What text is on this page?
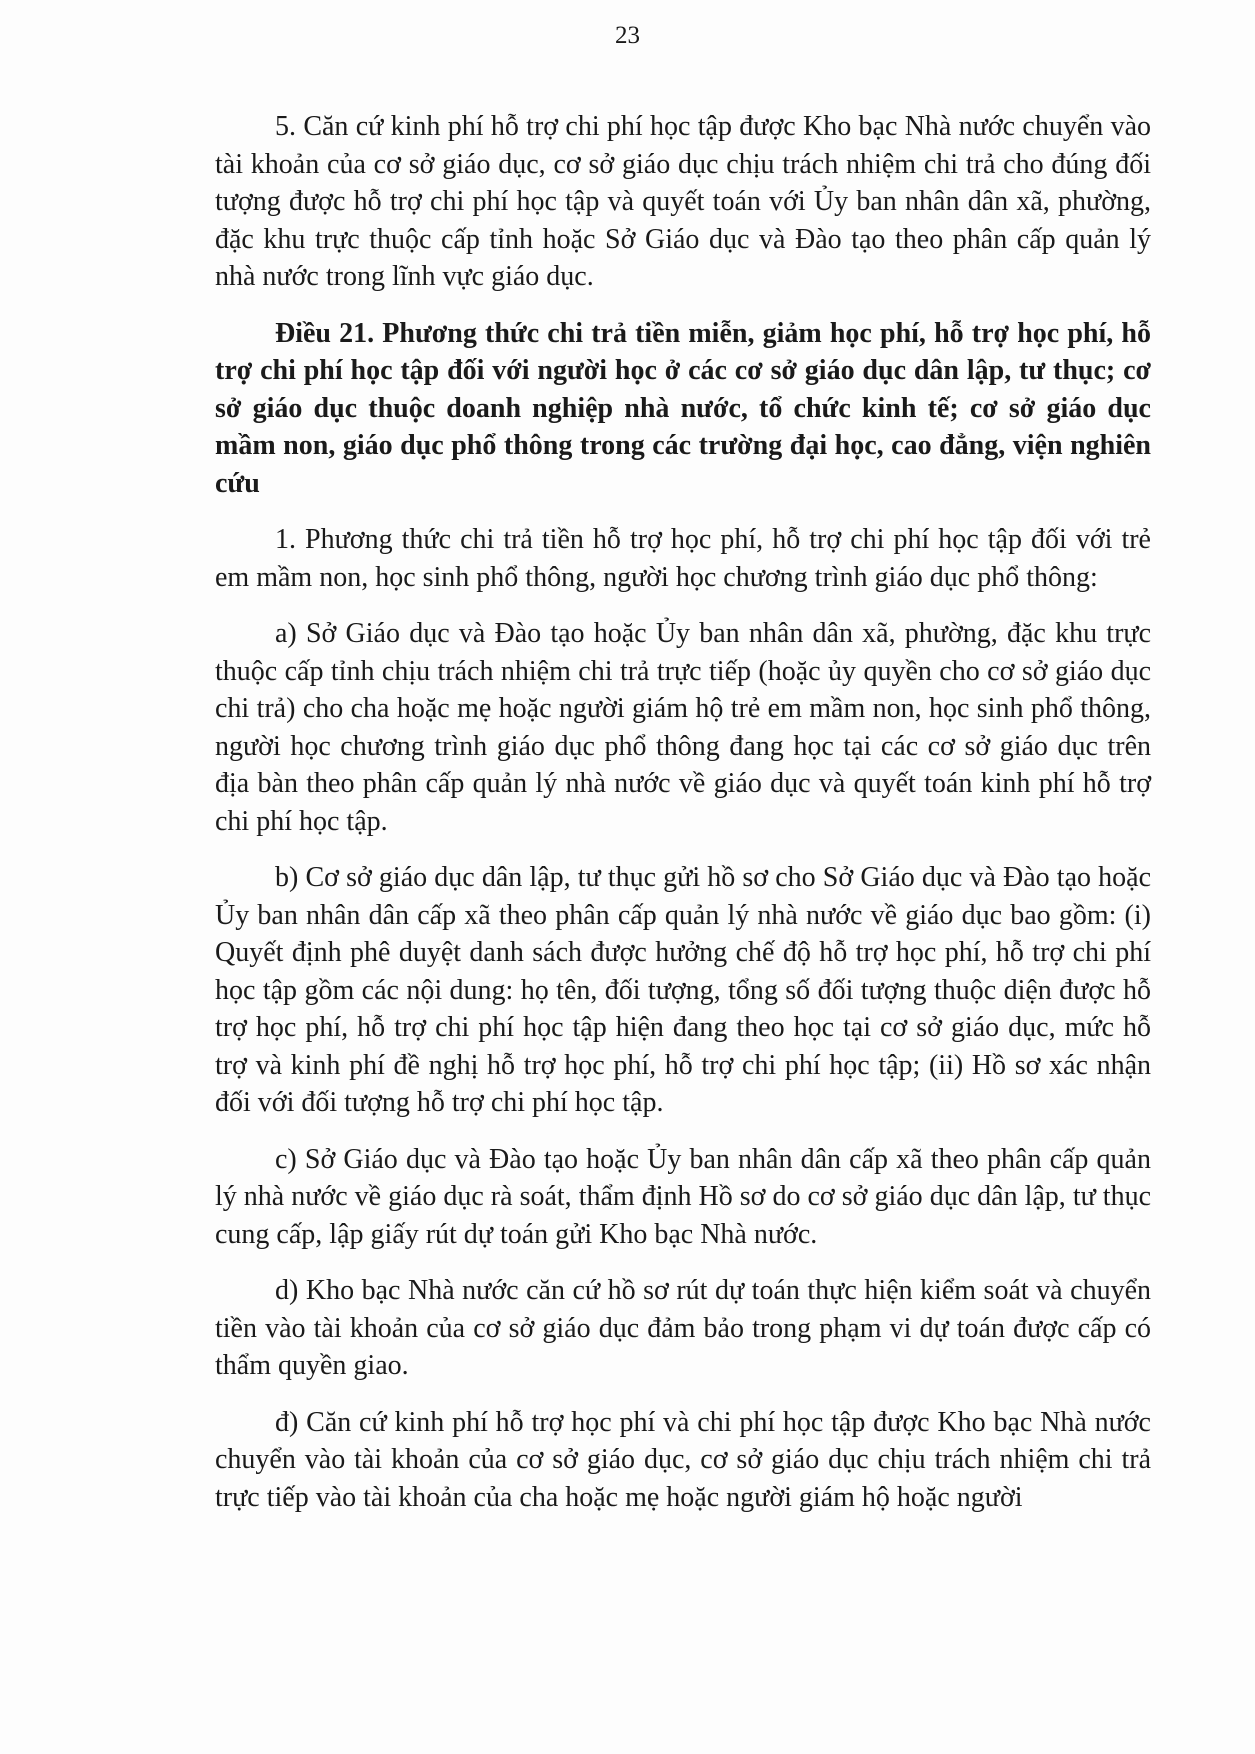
23

5. Căn cứ kinh phí hỗ trợ chi phí học tập được Kho bạc Nhà nước chuyển vào tài khoản của cơ sở giáo dục, cơ sở giáo dục chịu trách nhiệm chi trả cho đúng đối tượng được hỗ trợ chi phí học tập và quyết toán với Ủy ban nhân dân xã, phường, đặc khu trực thuộc cấp tỉnh hoặc Sở Giáo dục và Đào tạo theo phân cấp quản lý nhà nước trong lĩnh vực giáo dục.

Điều 21. Phương thức chi trả tiền miễn, giảm học phí, hỗ trợ học phí, hỗ trợ chi phí học tập đối với người học ở các cơ sở giáo dục dân lập, tư thục; cơ sở giáo dục thuộc doanh nghiệp nhà nước, tổ chức kinh tế; cơ sở giáo dục mầm non, giáo dục phổ thông trong các trường đại học, cao đẳng, viện nghiên cứu

1. Phương thức chi trả tiền hỗ trợ học phí, hỗ trợ chi phí học tập đối với trẻ em mầm non, học sinh phổ thông, người học chương trình giáo dục phổ thông:

a) Sở Giáo dục và Đào tạo hoặc Ủy ban nhân dân xã, phường, đặc khu trực thuộc cấp tỉnh chịu trách nhiệm chi trả trực tiếp (hoặc ủy quyền cho cơ sở giáo dục chi trả) cho cha hoặc mẹ hoặc người giám hộ trẻ em mầm non, học sinh phổ thông, người học chương trình giáo dục phổ thông đang học tại các cơ sở giáo dục trên địa bàn theo phân cấp quản lý nhà nước về giáo dục và quyết toán kinh phí hỗ trợ chi phí học tập.

b) Cơ sở giáo dục dân lập, tư thục gửi hồ sơ cho Sở Giáo dục và Đào tạo hoặc Ủy ban nhân dân cấp xã theo phân cấp quản lý nhà nước về giáo dục bao gồm: (i) Quyết định phê duyệt danh sách được hưởng chế độ hỗ trợ học phí, hỗ trợ chi phí học tập gồm các nội dung: họ tên, đối tượng, tổng số đối tượng thuộc diện được hỗ trợ học phí, hỗ trợ chi phí học tập hiện đang theo học tại cơ sở giáo dục, mức hỗ trợ và kinh phí đề nghị hỗ trợ học phí, hỗ trợ chi phí học tập; (ii) Hồ sơ xác nhận đối với đối tượng hỗ trợ chi phí học tập.

c) Sở Giáo dục và Đào tạo hoặc Ủy ban nhân dân cấp xã theo phân cấp quản lý nhà nước về giáo dục rà soát, thẩm định Hồ sơ do cơ sở giáo dục dân lập, tư thục cung cấp, lập giấy rút dự toán gửi Kho bạc Nhà nước.

d) Kho bạc Nhà nước căn cứ hồ sơ rút dự toán thực hiện kiểm soát và chuyển tiền vào tài khoản của cơ sở giáo dục đảm bảo trong phạm vi dự toán được cấp có thẩm quyền giao.

đ) Căn cứ kinh phí hỗ trợ học phí và chi phí học tập được Kho bạc Nhà nước chuyển vào tài khoản của cơ sở giáo dục, cơ sở giáo dục chịu trách nhiệm chi trả trực tiếp vào tài khoản của cha hoặc mẹ hoặc người giám hộ hoặc người
